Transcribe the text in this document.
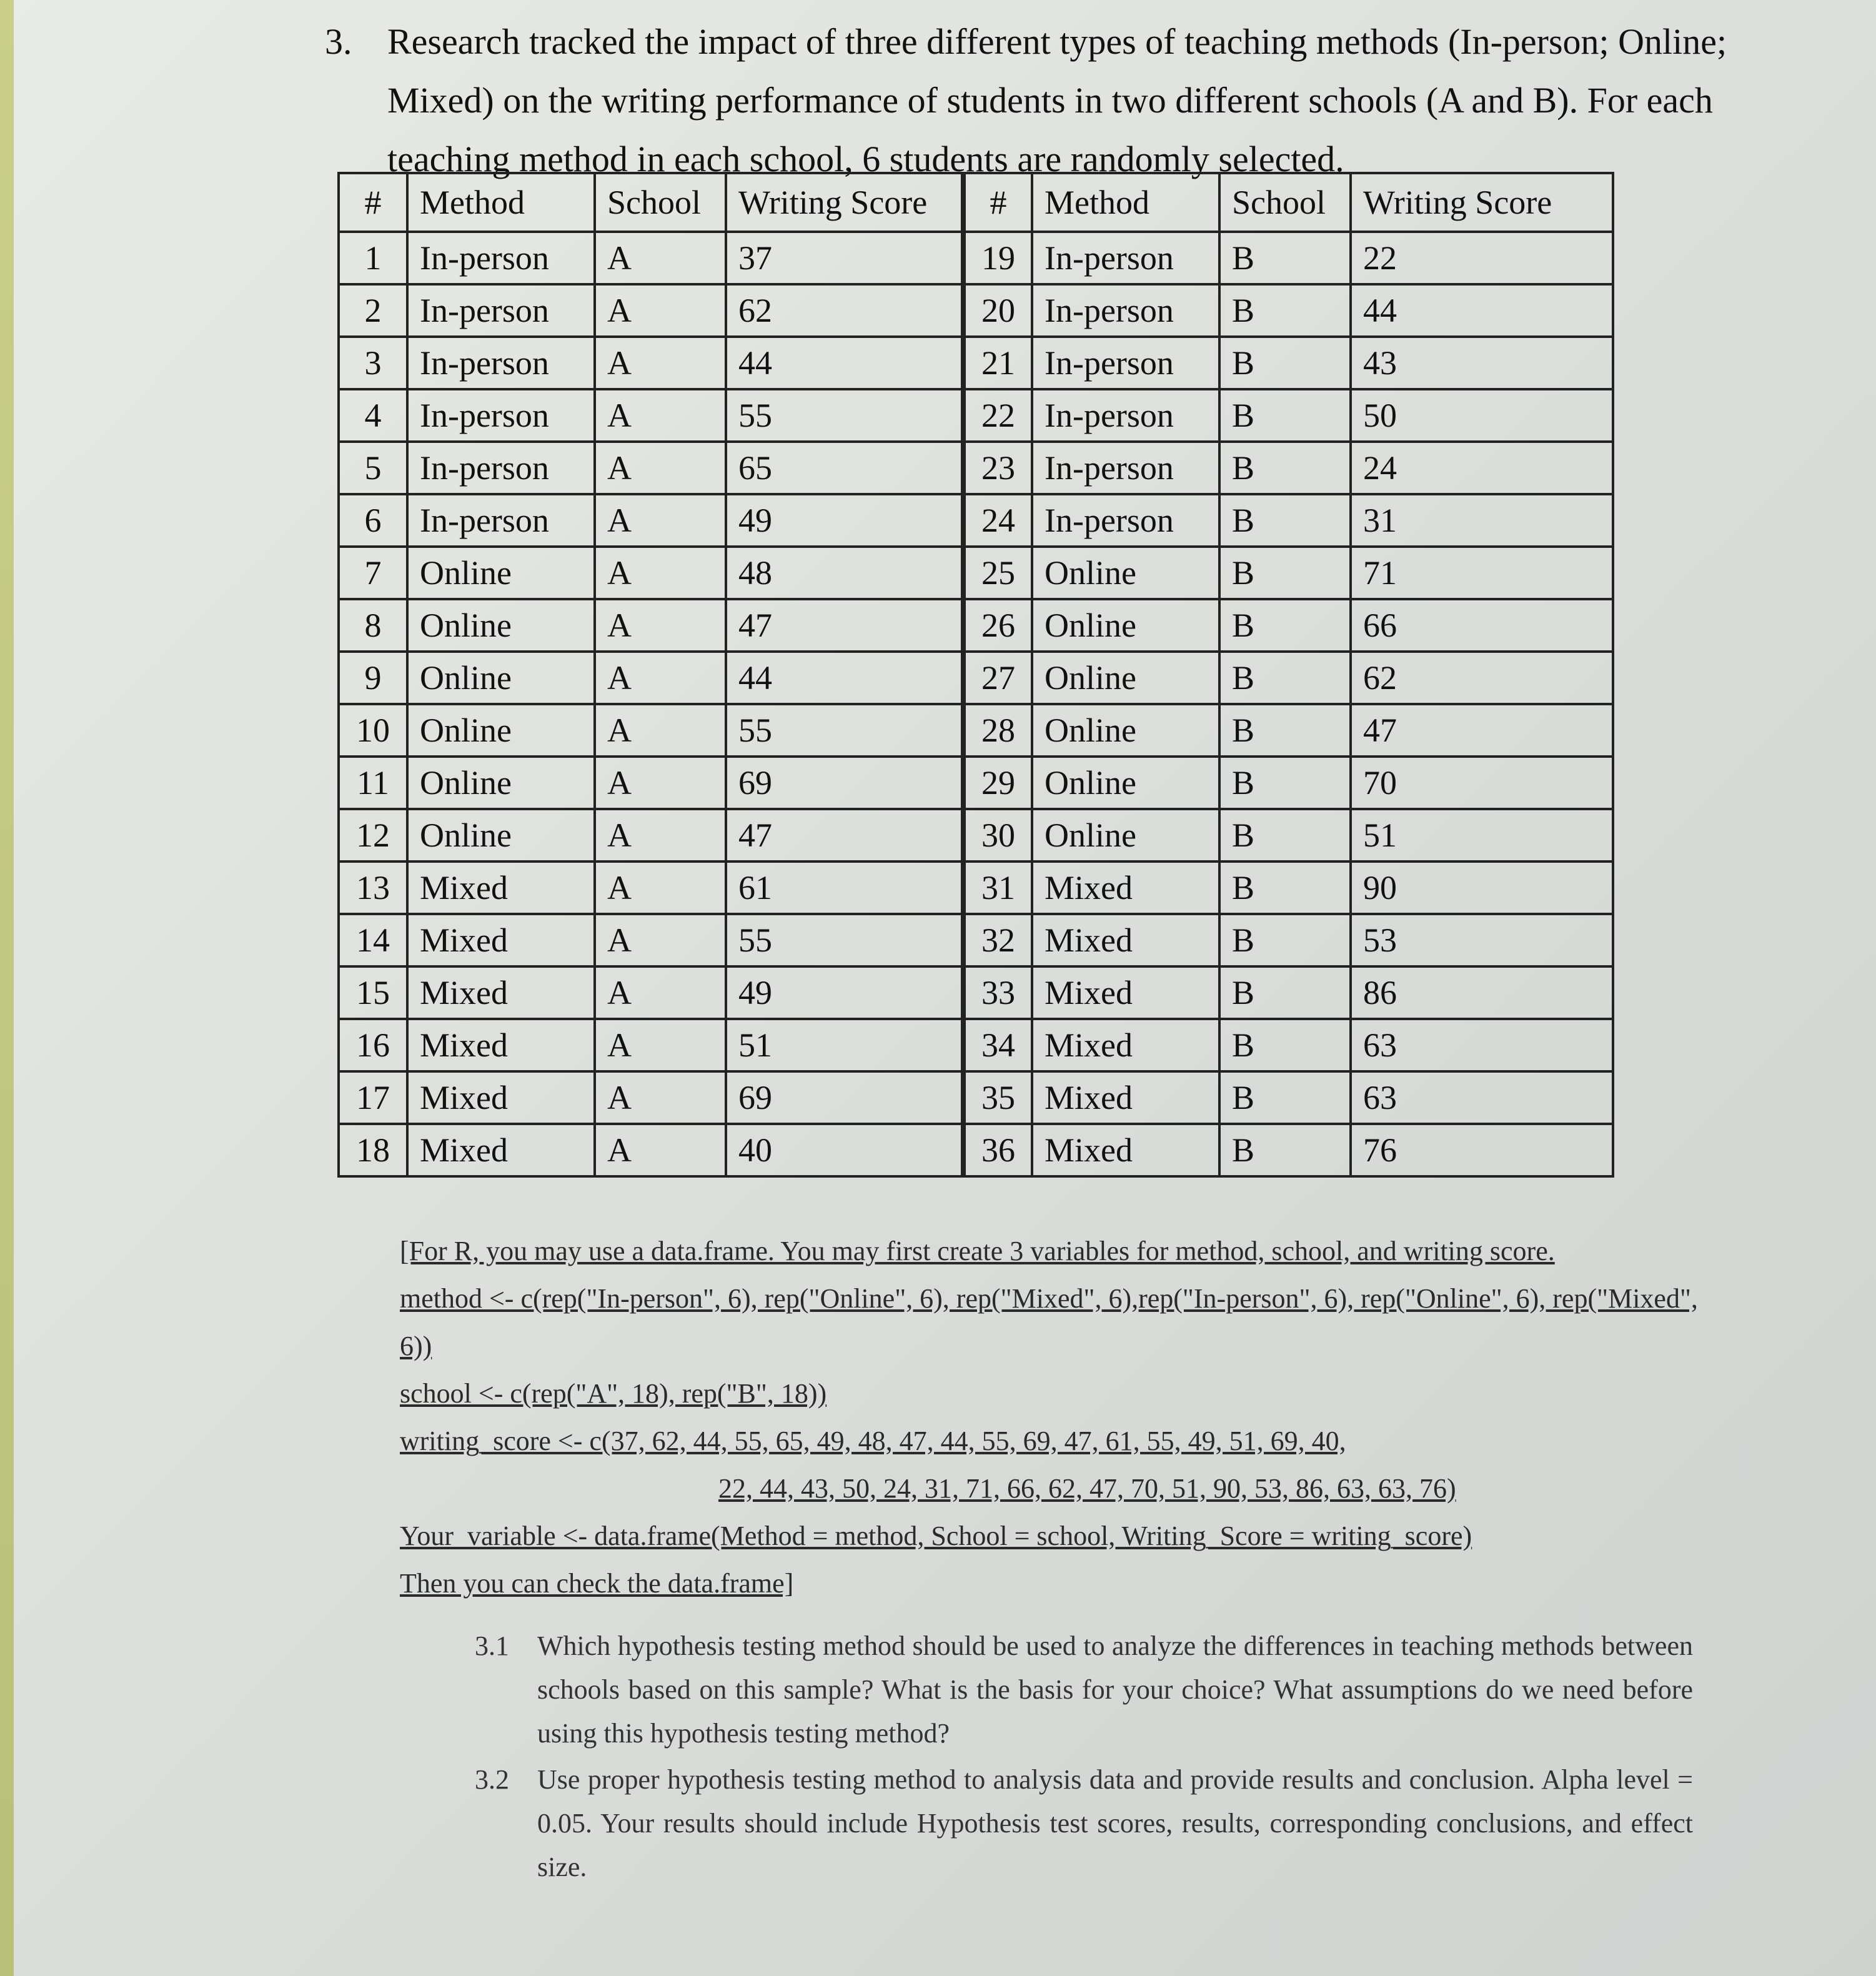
3. Research tracked the impact of three different types of teaching methods (In-person; Online; Mixed) on the writing performance of students in two different schools (A and B). For each teaching method in each school, 6 students are randomly selected.
#	Method	School	Writing Score	#	Method	School	Writing Score
1	In-person	A	37	19	In-person	B	22
2	In-person	A	62	20	In-person	B	44
3	In-person	A	44	21	In-person	B	43
4	In-person	A	55	22	In-person	B	50
5	In-person	A	65	23	In-person	B	24
6	In-person	A	49	24	In-person	B	31
7	Online	A	48	25	Online	B	71
8	Online	A	47	26	Online	B	66
9	Online	A	44	27	Online	B	62
10	Online	A	55	28	Online	B	47
11	Online	A	69	29	Online	B	70
12	Online	A	47	30	Online	B	51
13	Mixed	A	61	31	Mixed	B	90
14	Mixed	A	55	32	Mixed	B	53
15	Mixed	A	49	33	Mixed	B	86
16	Mixed	A	51	34	Mixed	B	63
17	Mixed	A	69	35	Mixed	B	63
18	Mixed	A	40	36	Mixed	B	76
[For R, you may use a data.frame. You may first create 3 variables for method, school, and writing score.
method <- c(rep("In-person", 6), rep("Online", 6), rep("Mixed", 6),rep("In-person", 6), rep("Online", 6), rep("Mixed", 6))
school <- c(rep("A", 18), rep("B", 18))
writing_score <- c(37, 62, 44, 55, 65, 49, 48, 47, 44, 55, 69, 47, 61, 55, 49, 51, 69, 40,
22, 44, 43, 50, 24, 31, 71, 66, 62, 47, 70, 51, 90, 53, 86, 63, 63, 76)
Your_variable <- data.frame(Method = method, School = school, Writing_Score = writing_score)
Then you can check the data.frame]
3.1 Which hypothesis testing method should be used to analyze the differences in teaching methods between schools based on this sample? What is the basis for your choice? What assumptions do we need before using this hypothesis testing method?
3.2 Use proper hypothesis testing method to analysis data and provide results and conclusion. Alpha level = 0.05. Your results should include Hypothesis test scores, results, corresponding conclusions, and effect size.
